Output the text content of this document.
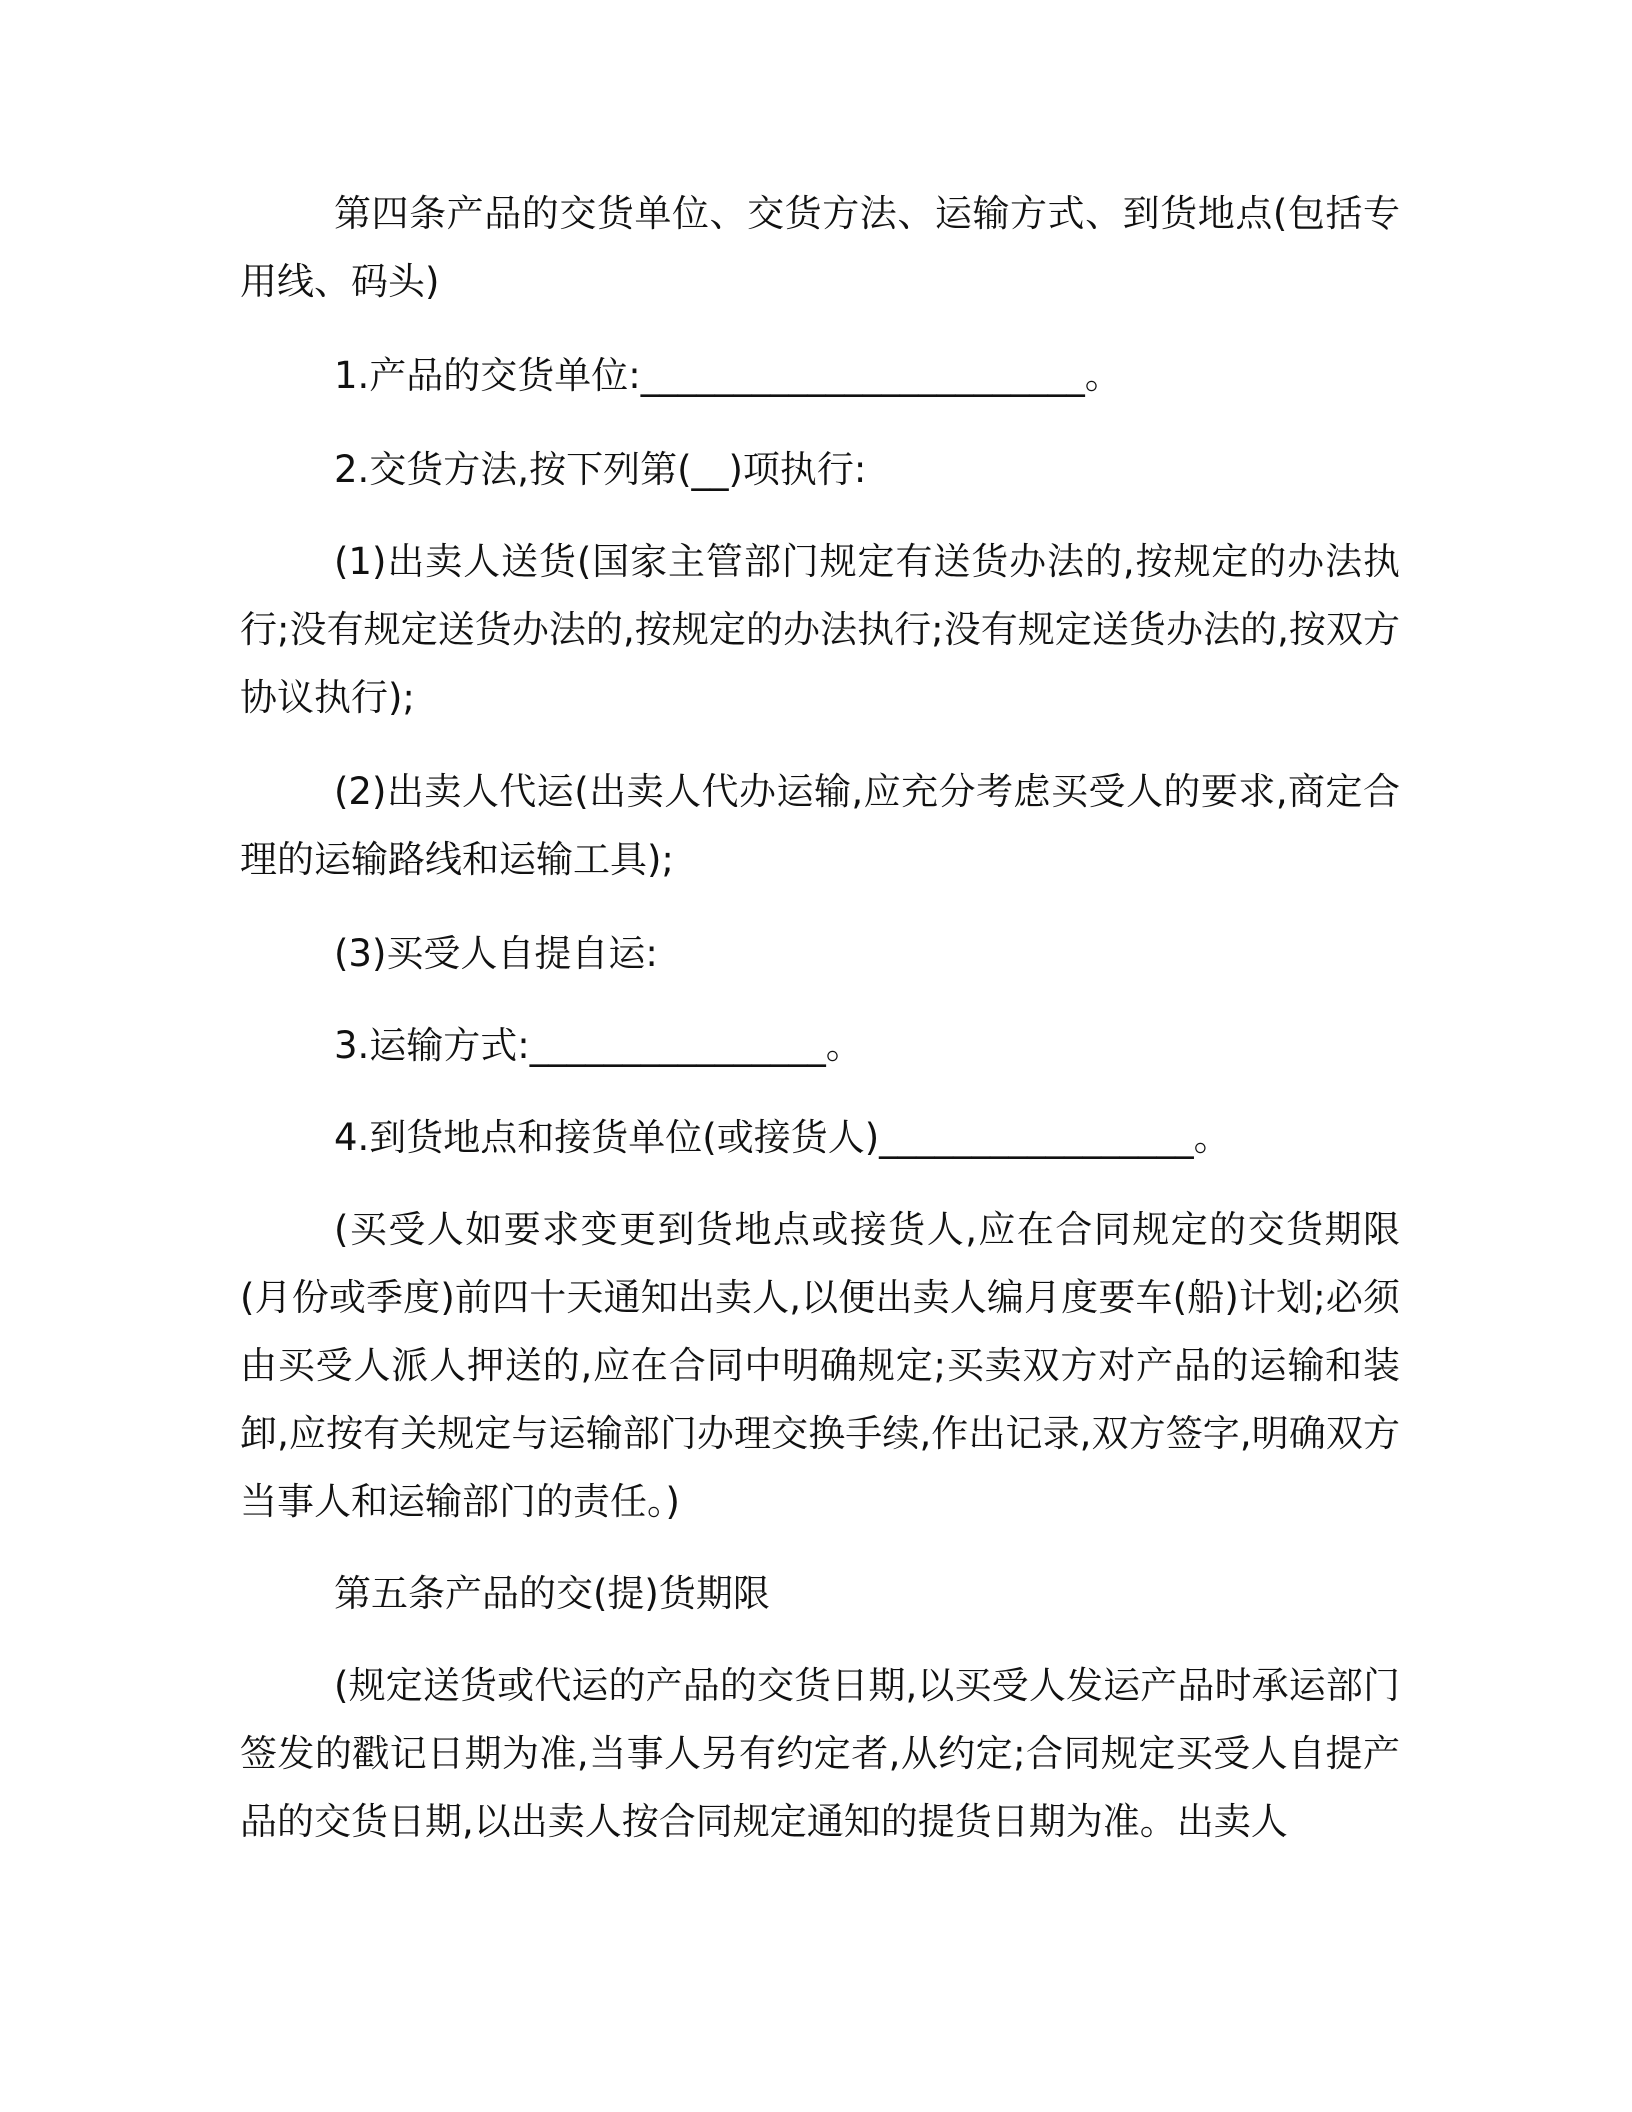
第四条产品的交货单位、交货方法、运输方式、到货地点(包括专用线、码头)
1.产品的交货单位:________________________。
2.交货方法,按下列第(__)项执行:
(1)出卖人送货(国家主管部门规定有送货办法的,按规定的办法执行;没有规定送货办法的,按规定的办法执行;没有规定送货办法的,按双方协议执行);
(2)出卖人代运(出卖人代办运输,应充分考虑买受人的要求,商定合理的运输路线和运输工具);
(3)买受人自提自运:
3.运输方式:________________。
4.到货地点和接货单位(或接货人)_________________。
(买受人如要求变更到货地点或接货人,应在合同规定的交货期限(月份或季度)前四十天通知出卖人,以便出卖人编月度要车(船)计划;必须由买受人派人押送的,应在合同中明确规定;买卖双方对产品的运输和装卸,应按有关规定与运输部门办理交换手续,作出记录,双方签字,明确双方当事人和运输部门的责任。)
第五条产品的交(提)货期限
(规定送货或代运的产品的交货日期,以买受人发运产品时承运部门签发的戳记日期为准,当事人另有约定者,从约定;合同规定买受人自提产品的交货日期,以出卖人按合同规定通知的提货日期为准。出卖人
